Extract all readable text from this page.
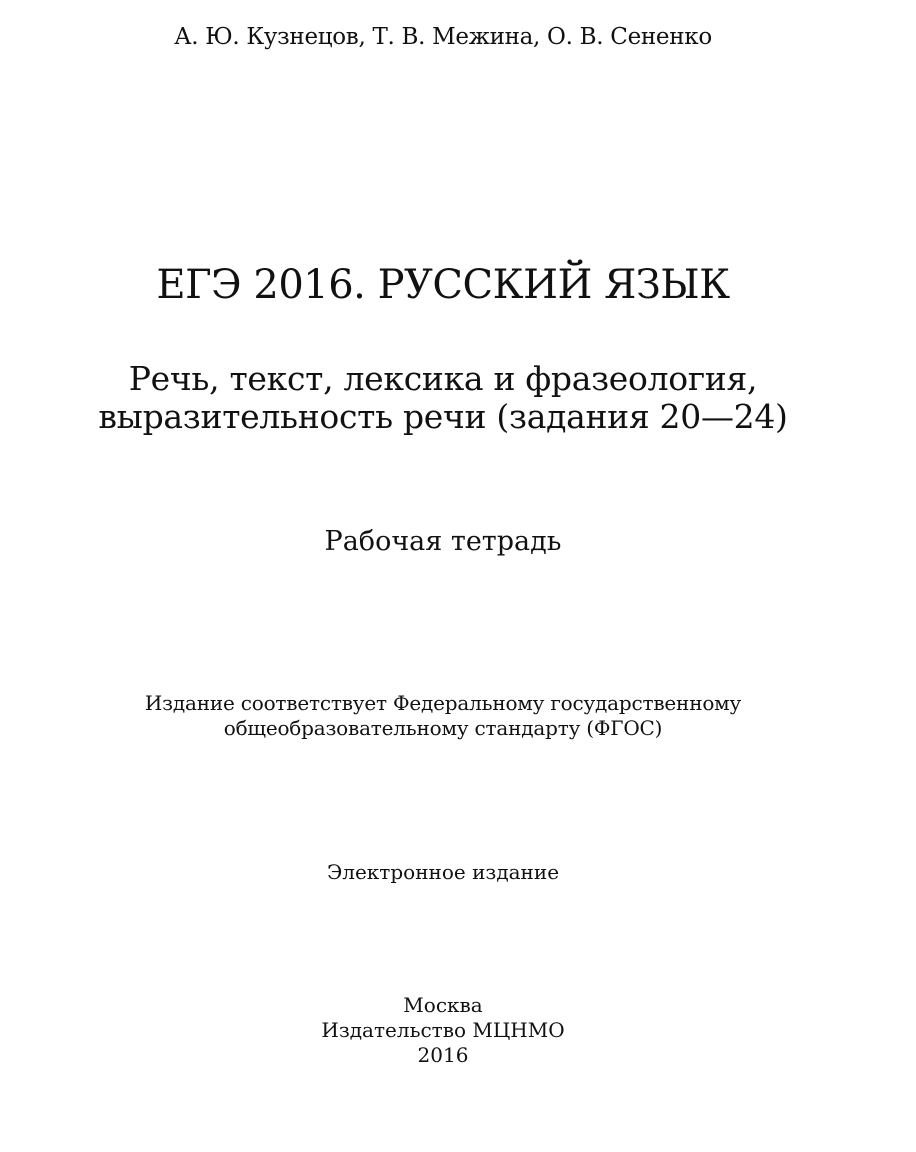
А. Ю. Кузнецов, Т. В. Межина, О. В. Сененко

ЕГЭ 2016. РУССКИЙ ЯЗЫК

Речь, текст, лексика и фразеология,

выразительность речи (задания 20—24)

Рабочая тетрадь

Издание соответствует Федеральному государственному

общеобразовательному стандарту (ФГОС)

Электронное издание

Москва

Издательство МЦНМО

2016
